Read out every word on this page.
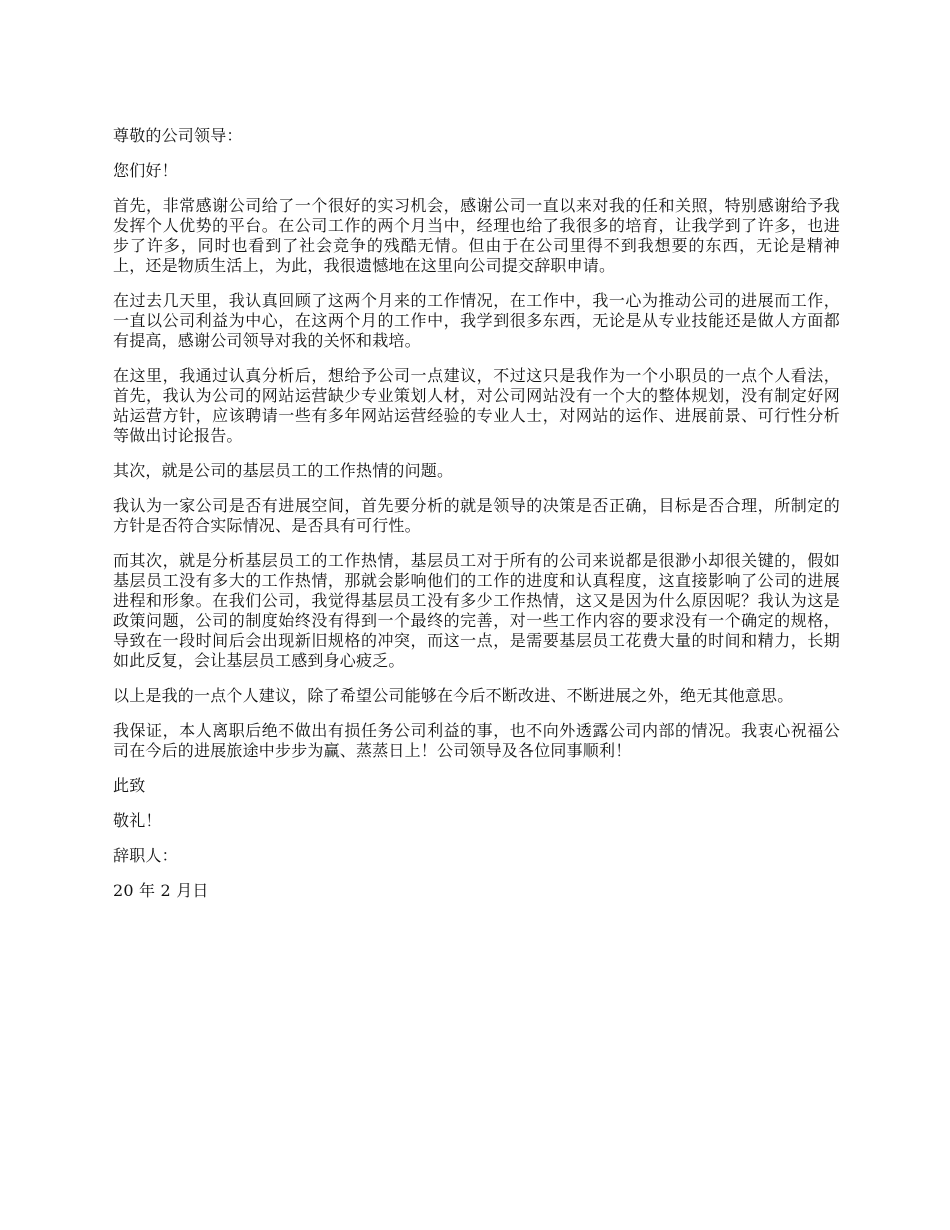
尊敬的公司领导：

您们好！

首先，非常感谢公司给了一个很好的实习机会，感谢公司一直以来对我的任和关照，特别感谢给予我发挥个人优势的平台。在公司工作的两个月当中，经理也给了我很多的培育，让我学到了许多，也进步了许多，同时也看到了社会竞争的残酷无情。但由于在公司里得不到我想要的东西，无论是精神上，还是物质生活上，为此，我很遗憾地在这里向公司提交辞职申请。

在过去几天里，我认真回顾了这两个月来的工作情况，在工作中，我一心为推动公司的进展而工作，一直以公司利益为中心，在这两个月的工作中，我学到很多东西，无论是从专业技能还是做人方面都有提高，感谢公司领导对我的关怀和栽培。

在这里，我通过认真分析后，想给予公司一点建议，不过这只是我作为一个小职员的一点个人看法，首先，我认为公司的网站运营缺少专业策划人材，对公司网站没有一个大的整体规划，没有制定好网站运营方针，应该聘请一些有多年网站运营经验的专业人士，对网站的运作、进展前景、可行性分析等做出讨论报告。

其次，就是公司的基层员工的工作热情的问题。

我认为一家公司是否有进展空间，首先要分析的就是领导的决策是否正确，目标是否合理，所制定的方针是否符合实际情况、是否具有可行性。

而其次，就是分析基层员工的工作热情，基层员工对于所有的公司来说都是很渺小却很关键的，假如基层员工没有多大的工作热情，那就会影响他们的工作的进度和认真程度，这直接影响了公司的进展进程和形象。在我们公司，我觉得基层员工没有多少工作热情，这又是因为什么原因呢？我认为这是政策问题，公司的制度始终没有得到一个最终的完善，对一些工作内容的要求没有一个确定的规格，导致在一段时间后会出现新旧规格的冲突，而这一点，是需要基层员工花费大量的时间和精力，长期如此反复，会让基层员工感到身心疲乏。

以上是我的一点个人建议，除了希望公司能够在今后不断改进、不断进展之外，绝无其他意思。

我保证，本人离职后绝不做出有损任务公司利益的事，也不向外透露公司内部的情况。我衷心祝福公司在今后的进展旅途中步步为赢、蒸蒸日上！公司领导及各位同事顺利！

此致

敬礼！

辞职人：

20 年 2 月日
